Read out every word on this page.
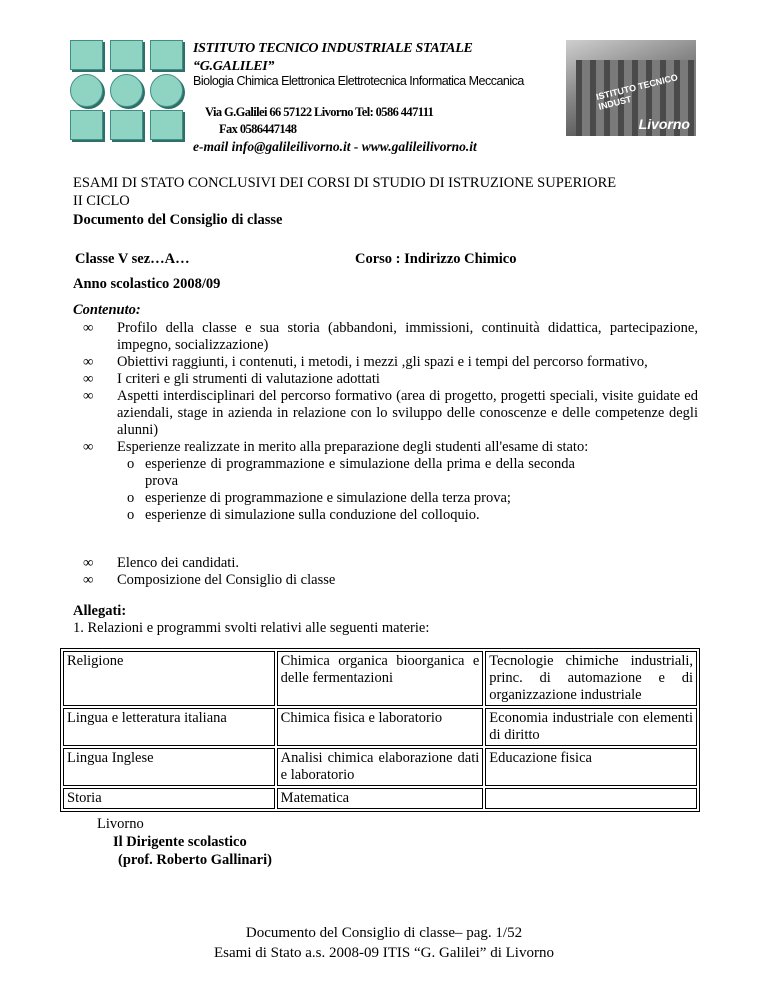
ISTITUTO TECNICO INDUSTRIALE STATALE
“G.GALILEI”
Biologia Chimica Elettronica Elettrotecnica Informatica Meccanica
Via G.Galilei 66 57122 Livorno Tel: 0586 447111
Fax 0586447148
e-mail info@galileilivorno.it - www.galileilivorno.it
ISTITUTO TECNICO INDUST
Livorno
ESAMI DI STATO CONCLUSIVI DEI CORSI DI STUDIO DI ISTRUZIONE SUPERIORE
II CICLO
Documento del Consiglio di classe
Classe V sez…A…	Corso : Indirizzo Chimico
Anno scolastico 2008/09
Contenuto:
∞ Profilo della classe e sua storia (abbandoni, immissioni, continuità didattica, partecipazione, impegno, socializzazione)
∞ Obiettivi raggiunti, i contenuti, i metodi, i mezzi ,gli spazi e i tempi del percorso formativo,
∞ I criteri e gli strumenti di valutazione adottati
∞ Aspetti interdisciplinari del percorso formativo (area di progetto, progetti speciali, visite guidate ed aziendali, stage in azienda in relazione con lo sviluppo delle conoscenze e delle competenze degli alunni)
∞ Esperienze realizzate in merito alla preparazione degli studenti all'esame di stato:
o esperienze di programmazione e simulazione della prima e della seconda prova
o esperienze di programmazione e simulazione della terza prova;
o esperienze di simulazione sulla conduzione del colloquio.
∞ Elenco dei candidati.
∞ Composizione del Consiglio di classe
Allegati:
1. Relazioni e programmi svolti relativi alle seguenti materie:
Religione	Chimica organica bioorganica e delle fermentazioni	Tecnologie chimiche industriali, princ. di automazione e di organizzazione industriale
Lingua e letteratura italiana	Chimica fisica e laboratorio	Economia industriale con elementi di diritto
Lingua Inglese	Analisi chimica elaborazione dati e laboratorio	Educazione fisica
Storia	Matematica	
Livorno
Il Dirigente scolastico
(prof. Roberto Gallinari)
Documento del Consiglio di classe– pag. 1/52
Esami di Stato a.s. 2008-09 ITIS “G. Galilei” di Livorno
